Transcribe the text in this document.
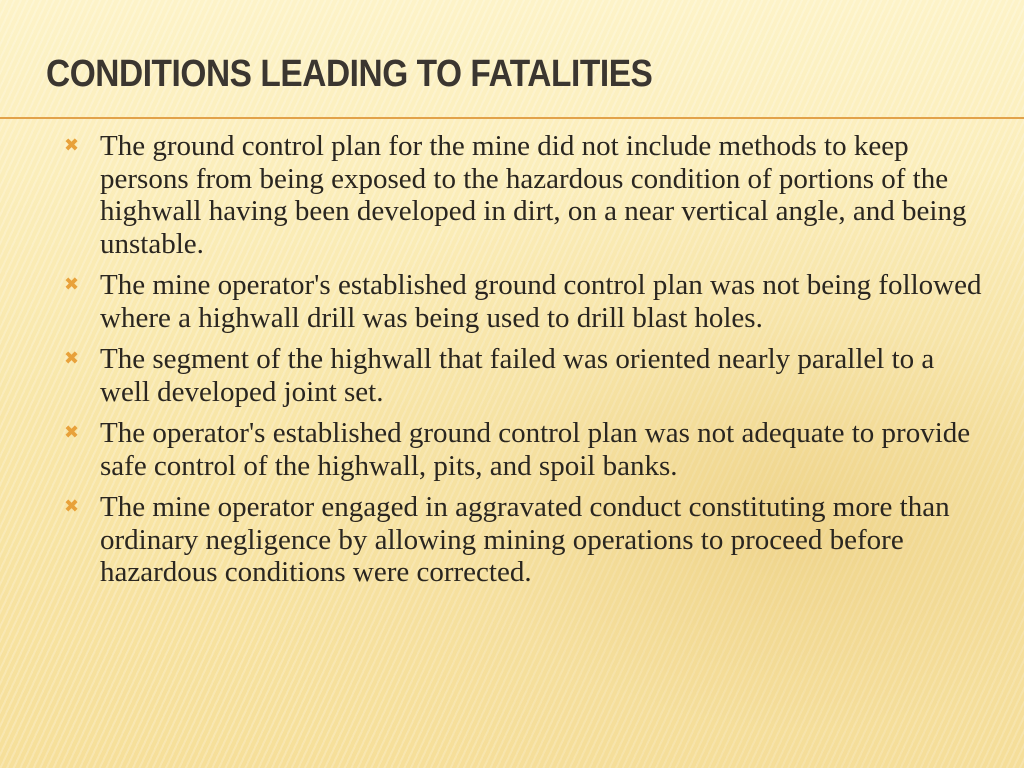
CONDITIONS LEADING TO FATALITIES
✖ The ground control plan for the mine did not include methods to keep persons from being exposed to the hazardous condition of portions of the highwall having been developed in dirt, on a near vertical angle, and being unstable.
✖ The mine operator's established ground control plan was not being followed where a highwall drill was being used to drill blast holes.
✖ The segment of the highwall that failed was oriented nearly parallel to a well developed joint set.
✖ The operator's established ground control plan was not adequate to provide safe control of the highwall, pits, and spoil banks.
✖ The mine operator engaged in aggravated conduct constituting more than ordinary negligence by allowing mining operations to proceed before hazardous conditions were corrected.
